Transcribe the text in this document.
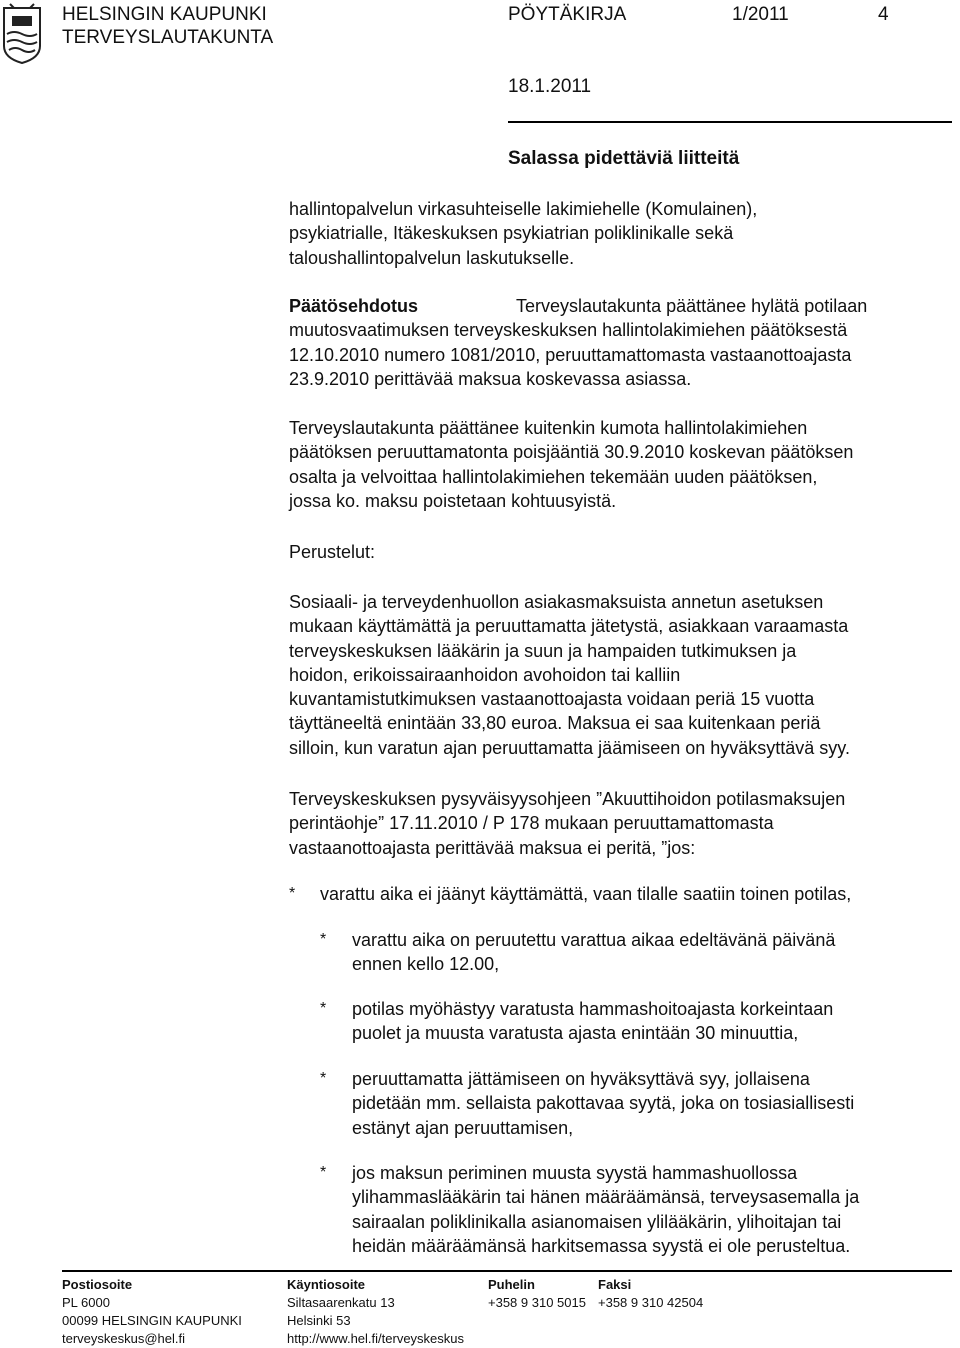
HELSINGIN KAUPUNKI
TERVEYSLAUTAKUNTA
PÖYTÄKIRJA	1/2011	4
18.1.2011
Salassa pidettäviä liitteitä
hallintopalvelun virkasuhteiselle lakimiehelle (Komulainen),
psykiatrialle, Itäkeskuksen psykiatrian poliklinikalle sekä
taloushallintopalvelun laskutukselle.
Päätösehdotus	Terveyslautakunta päättänee hylätä potilaan
muutosvaatimuksen terveyskeskuksen hallintolakimiehen päätöksestä
12.10.2010 numero 1081/2010, peruuttamattomasta vastaanottoajasta
23.9.2010 perittävää maksua koskevassa asiassa.
Terveyslautakunta päättänee kuitenkin kumota hallintolakimiehen
päätöksen peruuttamatonta poisjääntiä 30.9.2010 koskevan päätöksen
osalta ja velvoittaa hallintolakimiehen tekemään uuden päätöksen,
jossa ko. maksu poistetaan kohtuusyistä.
Perustelut:
Sosiaali- ja terveydenhuollon asiakasmaksuista annetun asetuksen
mukaan käyttämättä ja peruuttamatta jätetystä, asiakkaan varaamasta
terveyskeskuksen lääkärin ja suun ja hampaiden tutkimuksen ja
hoidon, erikoissairaanhoidon avohoidon tai kalliin
kuvantamistutkimuksen vastaanottoajasta voidaan periä 15 vuotta
täyttäneeltä enintään 33,80 euroa. Maksua ei saa kuitenkaan periä
silloin, kun varatun ajan peruuttamatta jäämiseen on hyväksyttävä syy.
Terveyskeskuksen pysyväisyysohjeen ”Akuuttihoidon potilasmaksujen
perintäohje” 17.11.2010 / P 178 mukaan peruuttamattomasta
vastaanottoajasta perittävää maksua ei peritä, ”jos:
* varattu aika ei jäänyt käyttämättä, vaan tilalle saatiin toinen potilas,
* varattu aika on peruutettu varattua aikaa edeltävänä päivänä
ennen kello 12.00,
* potilas myöhästyy varatusta hammashoitoajasta korkeintaan
puolet ja muusta varatusta ajasta enintään 30 minuuttia,
* peruuttamatta jättämiseen on hyväksyttävä syy, jollaisena
pidetään mm. sellaista pakottavaa syytä, joka on tosiasiallisesti
estänyt ajan peruuttamisen,
* jos maksun periminen muusta syystä hammashuollossa
ylihammaslääkärin tai hänen määräämänsä, terveysasemalla ja
sairaalan poliklinikalla asianomaisen ylilääkärin, ylihoitajan tai
heidän määräämänsä harkitsemassa syystä ei ole perusteltua.
Postiosoite
PL 6000
00099 HELSINGIN KAUPUNKI
terveyskeskus@hel.fi
Käyntiosoite
Siltasaarenkatu 13
Helsinki 53
http://www.hel.fi/terveyskeskus
Puhelin
+358 9 310 5015
Faksi
+358 9 310 42504
